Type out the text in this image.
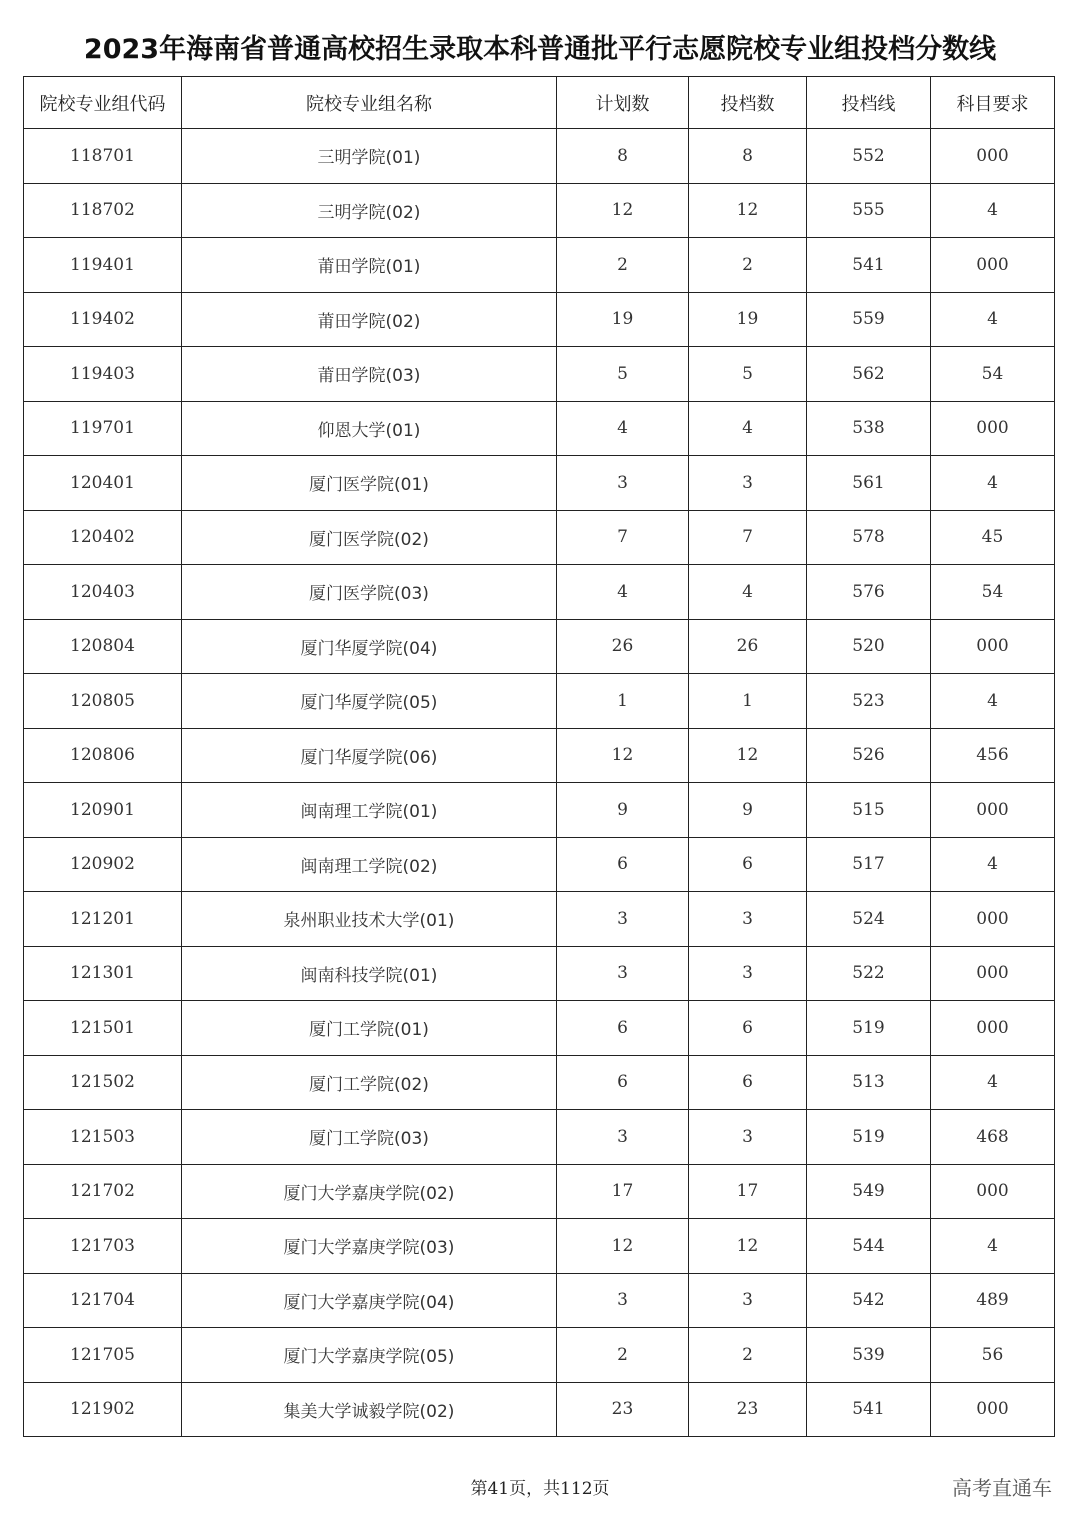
2023年海南省普通高校招生录取本科普通批平行志愿院校专业组投档分数线
院校专业组代码	院校专业组名称	计划数	投档数	投档线	科目要求
118701	三明学院(01)	8	8	552	000
118702	三明学院(02)	12	12	555	4
119401	莆田学院(01)	2	2	541	000
119402	莆田学院(02)	19	19	559	4
119403	莆田学院(03)	5	5	562	54
119701	仰恩大学(01)	4	4	538	000
120401	厦门医学院(01)	3	3	561	4
120402	厦门医学院(02)	7	7	578	45
120403	厦门医学院(03)	4	4	576	54
120804	厦门华厦学院(04)	26	26	520	000
120805	厦门华厦学院(05)	1	1	523	4
120806	厦门华厦学院(06)	12	12	526	456
120901	闽南理工学院(01)	9	9	515	000
120902	闽南理工学院(02)	6	6	517	4
121201	泉州职业技术大学(01)	3	3	524	000
121301	闽南科技学院(01)	3	3	522	000
121501	厦门工学院(01)	6	6	519	000
121502	厦门工学院(02)	6	6	513	4
121503	厦门工学院(03)	3	3	519	468
121702	厦门大学嘉庚学院(02)	17	17	549	000
121703	厦门大学嘉庚学院(03)	12	12	544	4
121704	厦门大学嘉庚学院(04)	3	3	542	489
121705	厦门大学嘉庚学院(05)	2	2	539	56
121902	集美大学诚毅学院(02)	23	23	541	000
第41页，共112页	高考直通车
